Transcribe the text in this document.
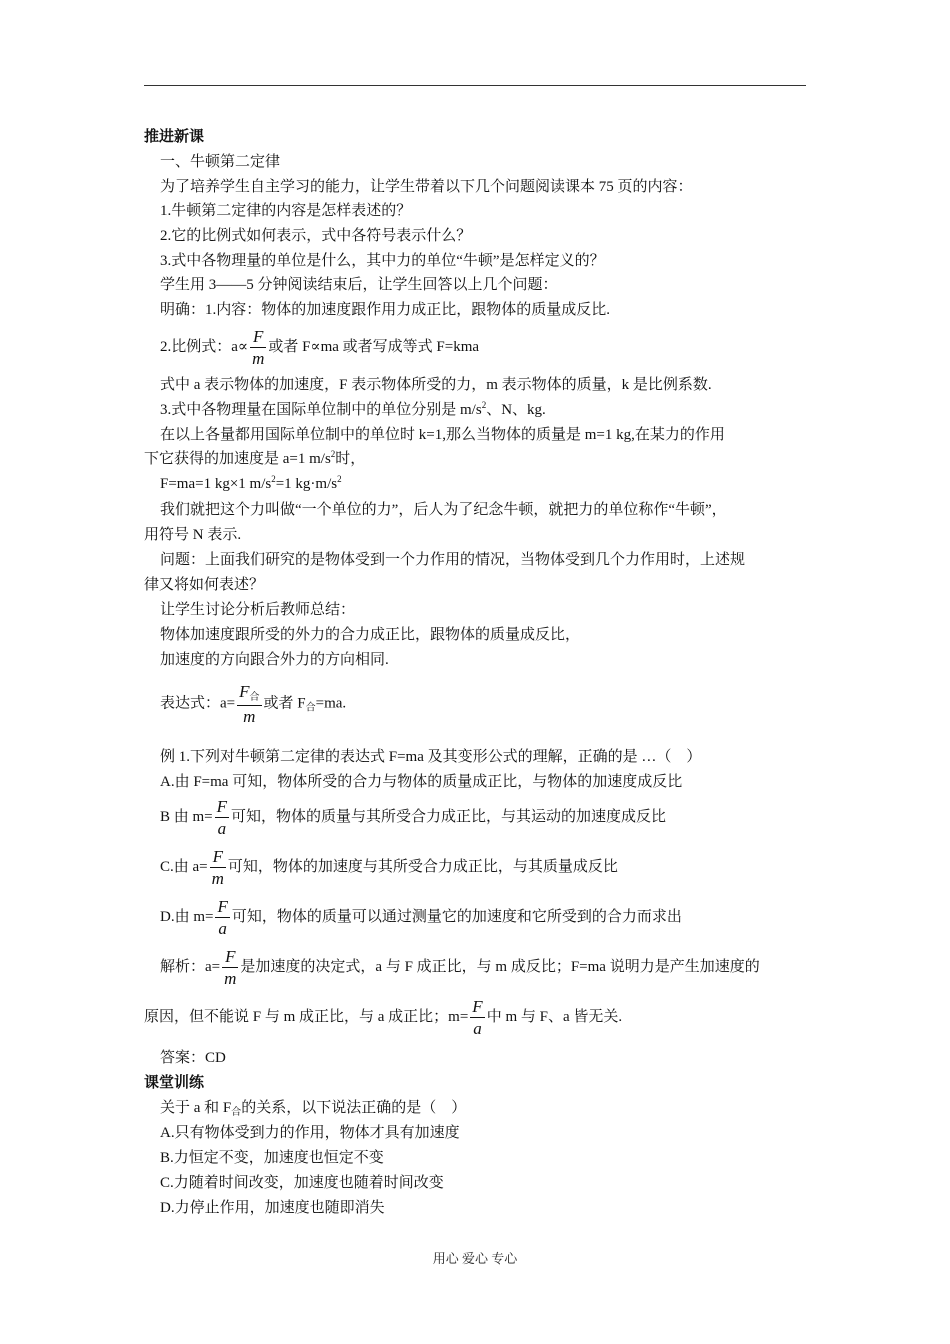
推进新课
一、牛顿第二定律
为了培养学生自主学习的能力，让学生带着以下几个问题阅读课本 75 页的内容：
1.牛顿第二定律的内容是怎样表述的？
2.它的比例式如何表示，式中各符号表示什么？
3.式中各物理量的单位是什么，其中力的单位“牛顿”是怎样定义的？
学生用 3——5 分钟阅读结束后，让学生回答以上几个问题：
明确：1.内容：物体的加速度跟作用力成正比，跟物体的质量成反比.
2.比例式：$a\propto \frac{F}{m}$ 或者 F∝ma 或者写成等式 F=kma
式中 a 表示物体的加速度，F 表示物体所受的力，m 表示物体的质量，k 是比例系数.
3.式中各物理量在国际单位制中的单位分别是 $m/s^2$、N、kg.
在以上各量都用国际单位制中的单位时 k=1,那么当物体的质量是 m=1 kg,在某力的作用
下它获得的加速度是 a=1 $m/s^2$时，
F=ma=1 kg×1 $m/s^2=1$ $kg\cdot m/s^2$
我们就把这个力叫做“一个单位的力”，后人为了纪念牛顿，就把力的单位称作“牛顿”，
用符号 N 表示.
问题：上面我们研究的是物体受到一个力作用的情况，当物体受到几个力作用时，上述规
律又将如何表述？
让学生讨论分析后教师总结：
物体加速度跟所受的外力的合力成正比，跟物体的质量成反比，
加速度的方向跟合外力的方向相同.
表达式：$a= \frac{F_合}{m}$ 或者 $F_合=ma$.
例 1.下列对牛顿第二定律的表达式 F=ma 及其变形公式的理解，正确的是 …（　）
A.由 F=ma 可知，物体所受的合力与物体的质量成正比，与物体的加速度成反比
B 由 $m= \frac{F}{a}$ 可知，物体的质量与其所受合力成正比，与其运动的加速度成反比
C.由 $a= \frac{F}{m}$ 可知，物体的加速度与其所受合力成正比，与其质量成反比
D.由 $m= \frac{F}{a}$ 可知，物体的质量可以通过测量它的加速度和它所受到的合力而求出
解析：$a= \frac{F}{m}$ 是加速度的决定式，a 与 F 成正比，与 m 成反比；F=ma 说明力是产生加速度的
原因，但不能说 F 与 m 成正比，与 a 成正比；$m= \frac{F}{a}$ 中 m 与 F、a 皆无关.
答案：CD
课堂训练
关于 a 和 $F_合$的关系，以下说法正确的是（　）
A.只有物体受到力的作用，物体才具有加速度
B.力恒定不变，加速度也恒定不变
C.力随着时间改变，加速度也随着时间改变
D.力停止作用，加速度也随即消失
用心 爱心 专心
